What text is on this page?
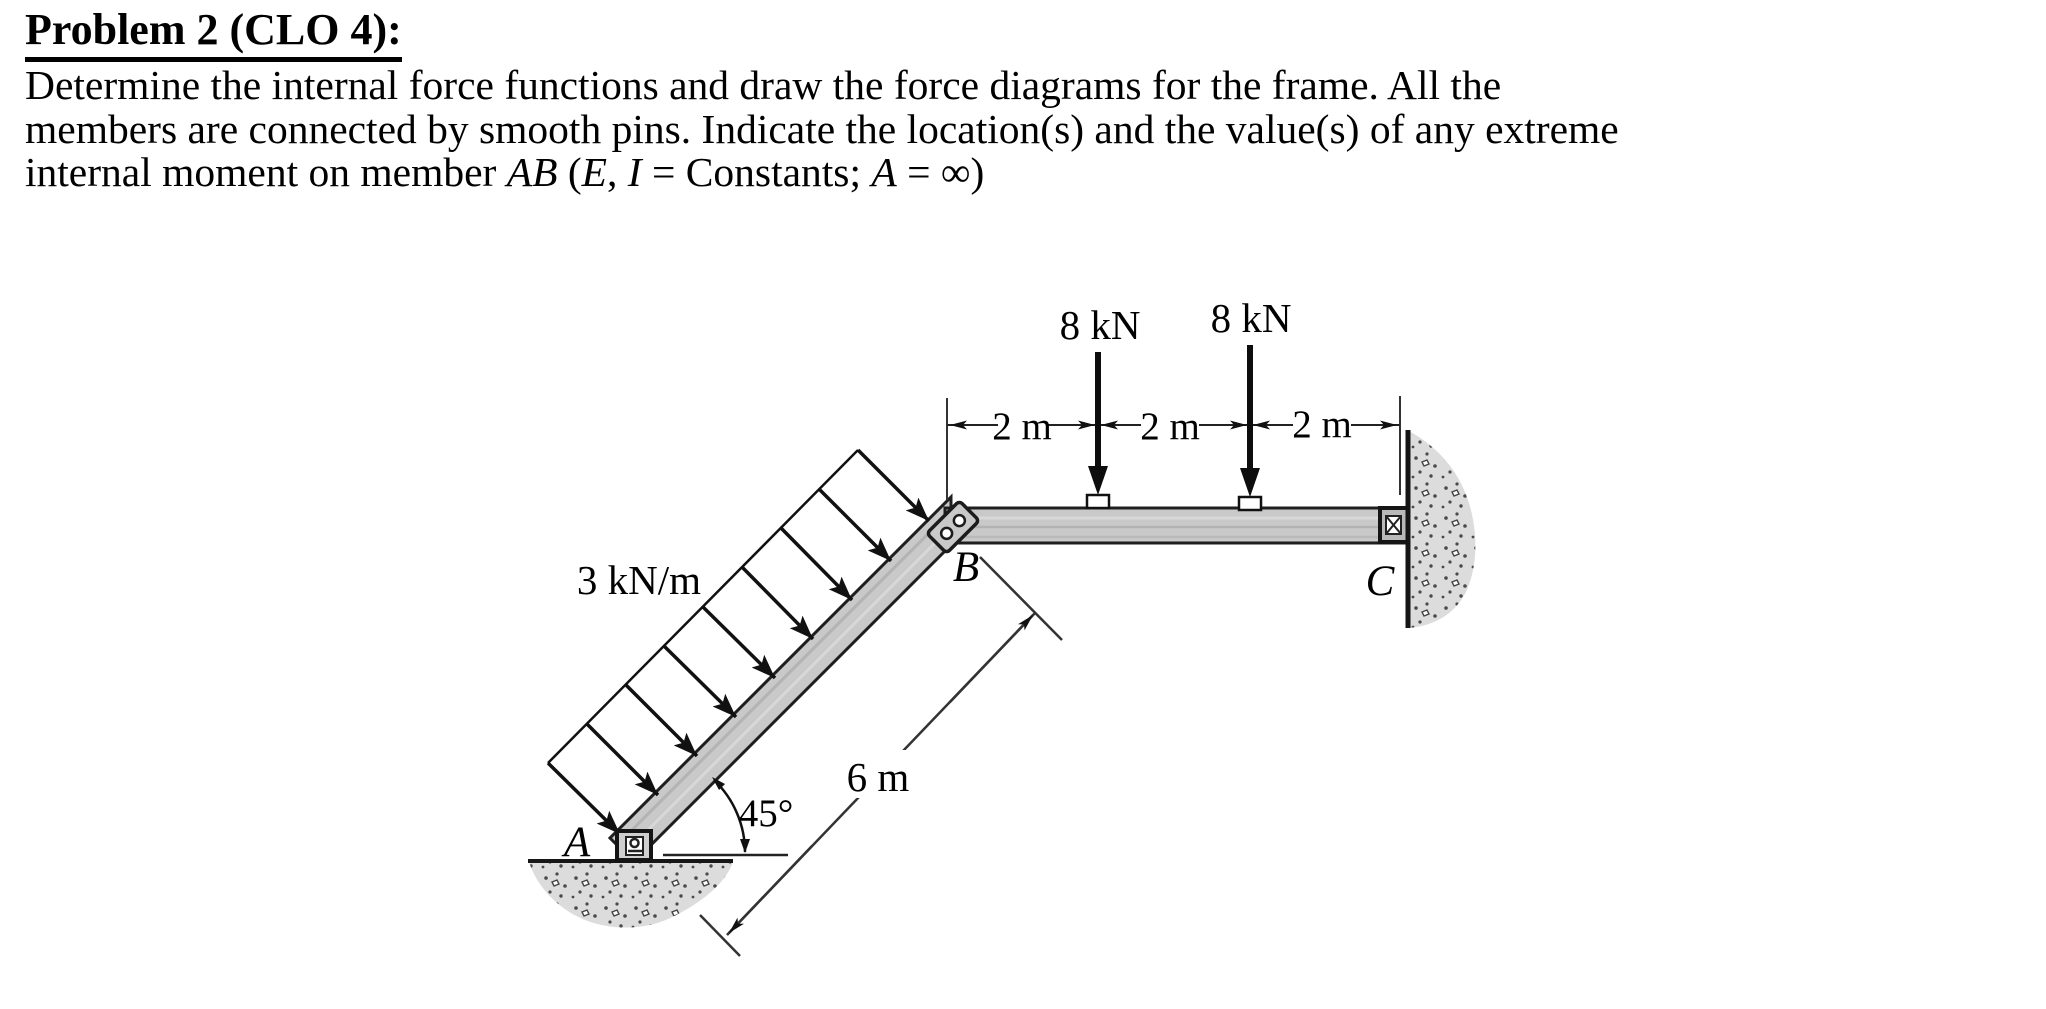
Problem 2 (CLO 4):
Determine the internal force functions and draw the force diagrams for the frame. All the
members are connected by smooth pins. Indicate the location(s) and the value(s) of any extreme
internal moment on member AB (E, I = Constants; A = ∞)
3 kN/m
45°
6 m
2 m 2 m 2 m
8 kN 8 kN
B	C
A
